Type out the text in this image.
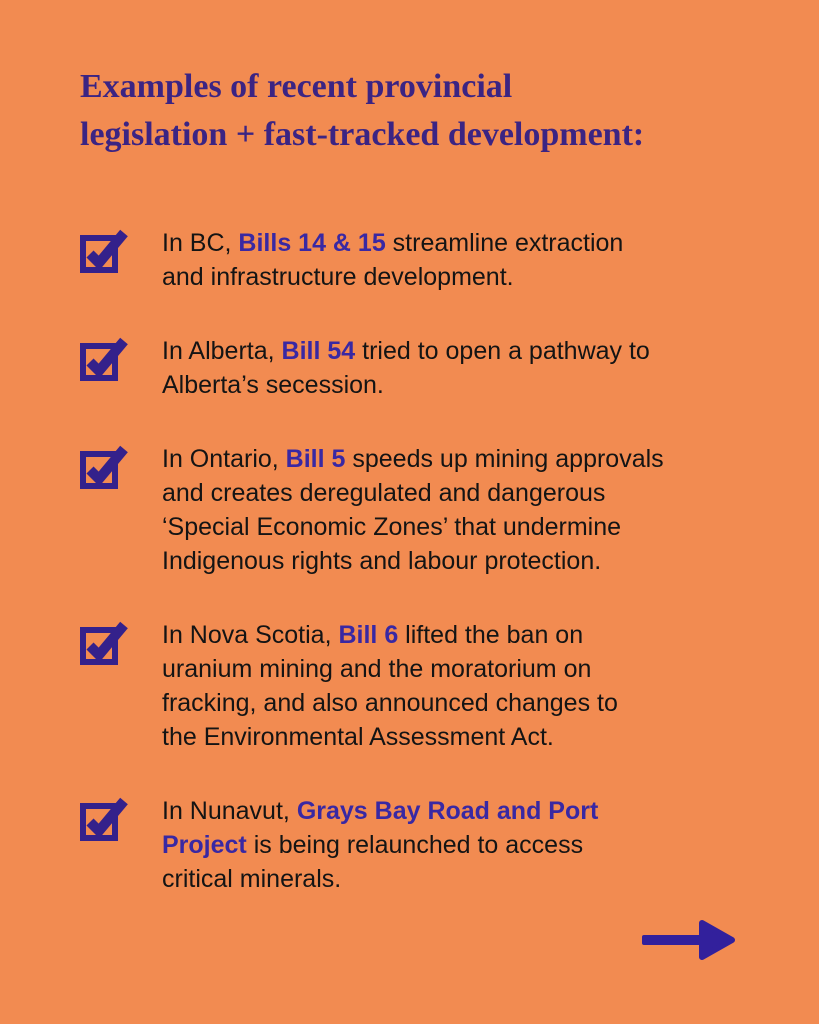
Examples of recent provincial
legislation + fast-tracked development:

In BC, Bills 14 & 15 streamline extraction
and infrastructure development.

In Alberta, Bill 54 tried to open a pathway to
Alberta’s secession.

In Ontario, Bill 5 speeds up mining approvals
and creates deregulated and dangerous
‘Special Economic Zones’ that undermine
Indigenous rights and labour protection.

In Nova Scotia, Bill 6 lifted the ban on
uranium mining and the moratorium on
fracking, and also announced changes to
the Environmental Assessment Act.

In Nunavut, Grays Bay Road and Port
Project is being relaunched to access
critical minerals.
